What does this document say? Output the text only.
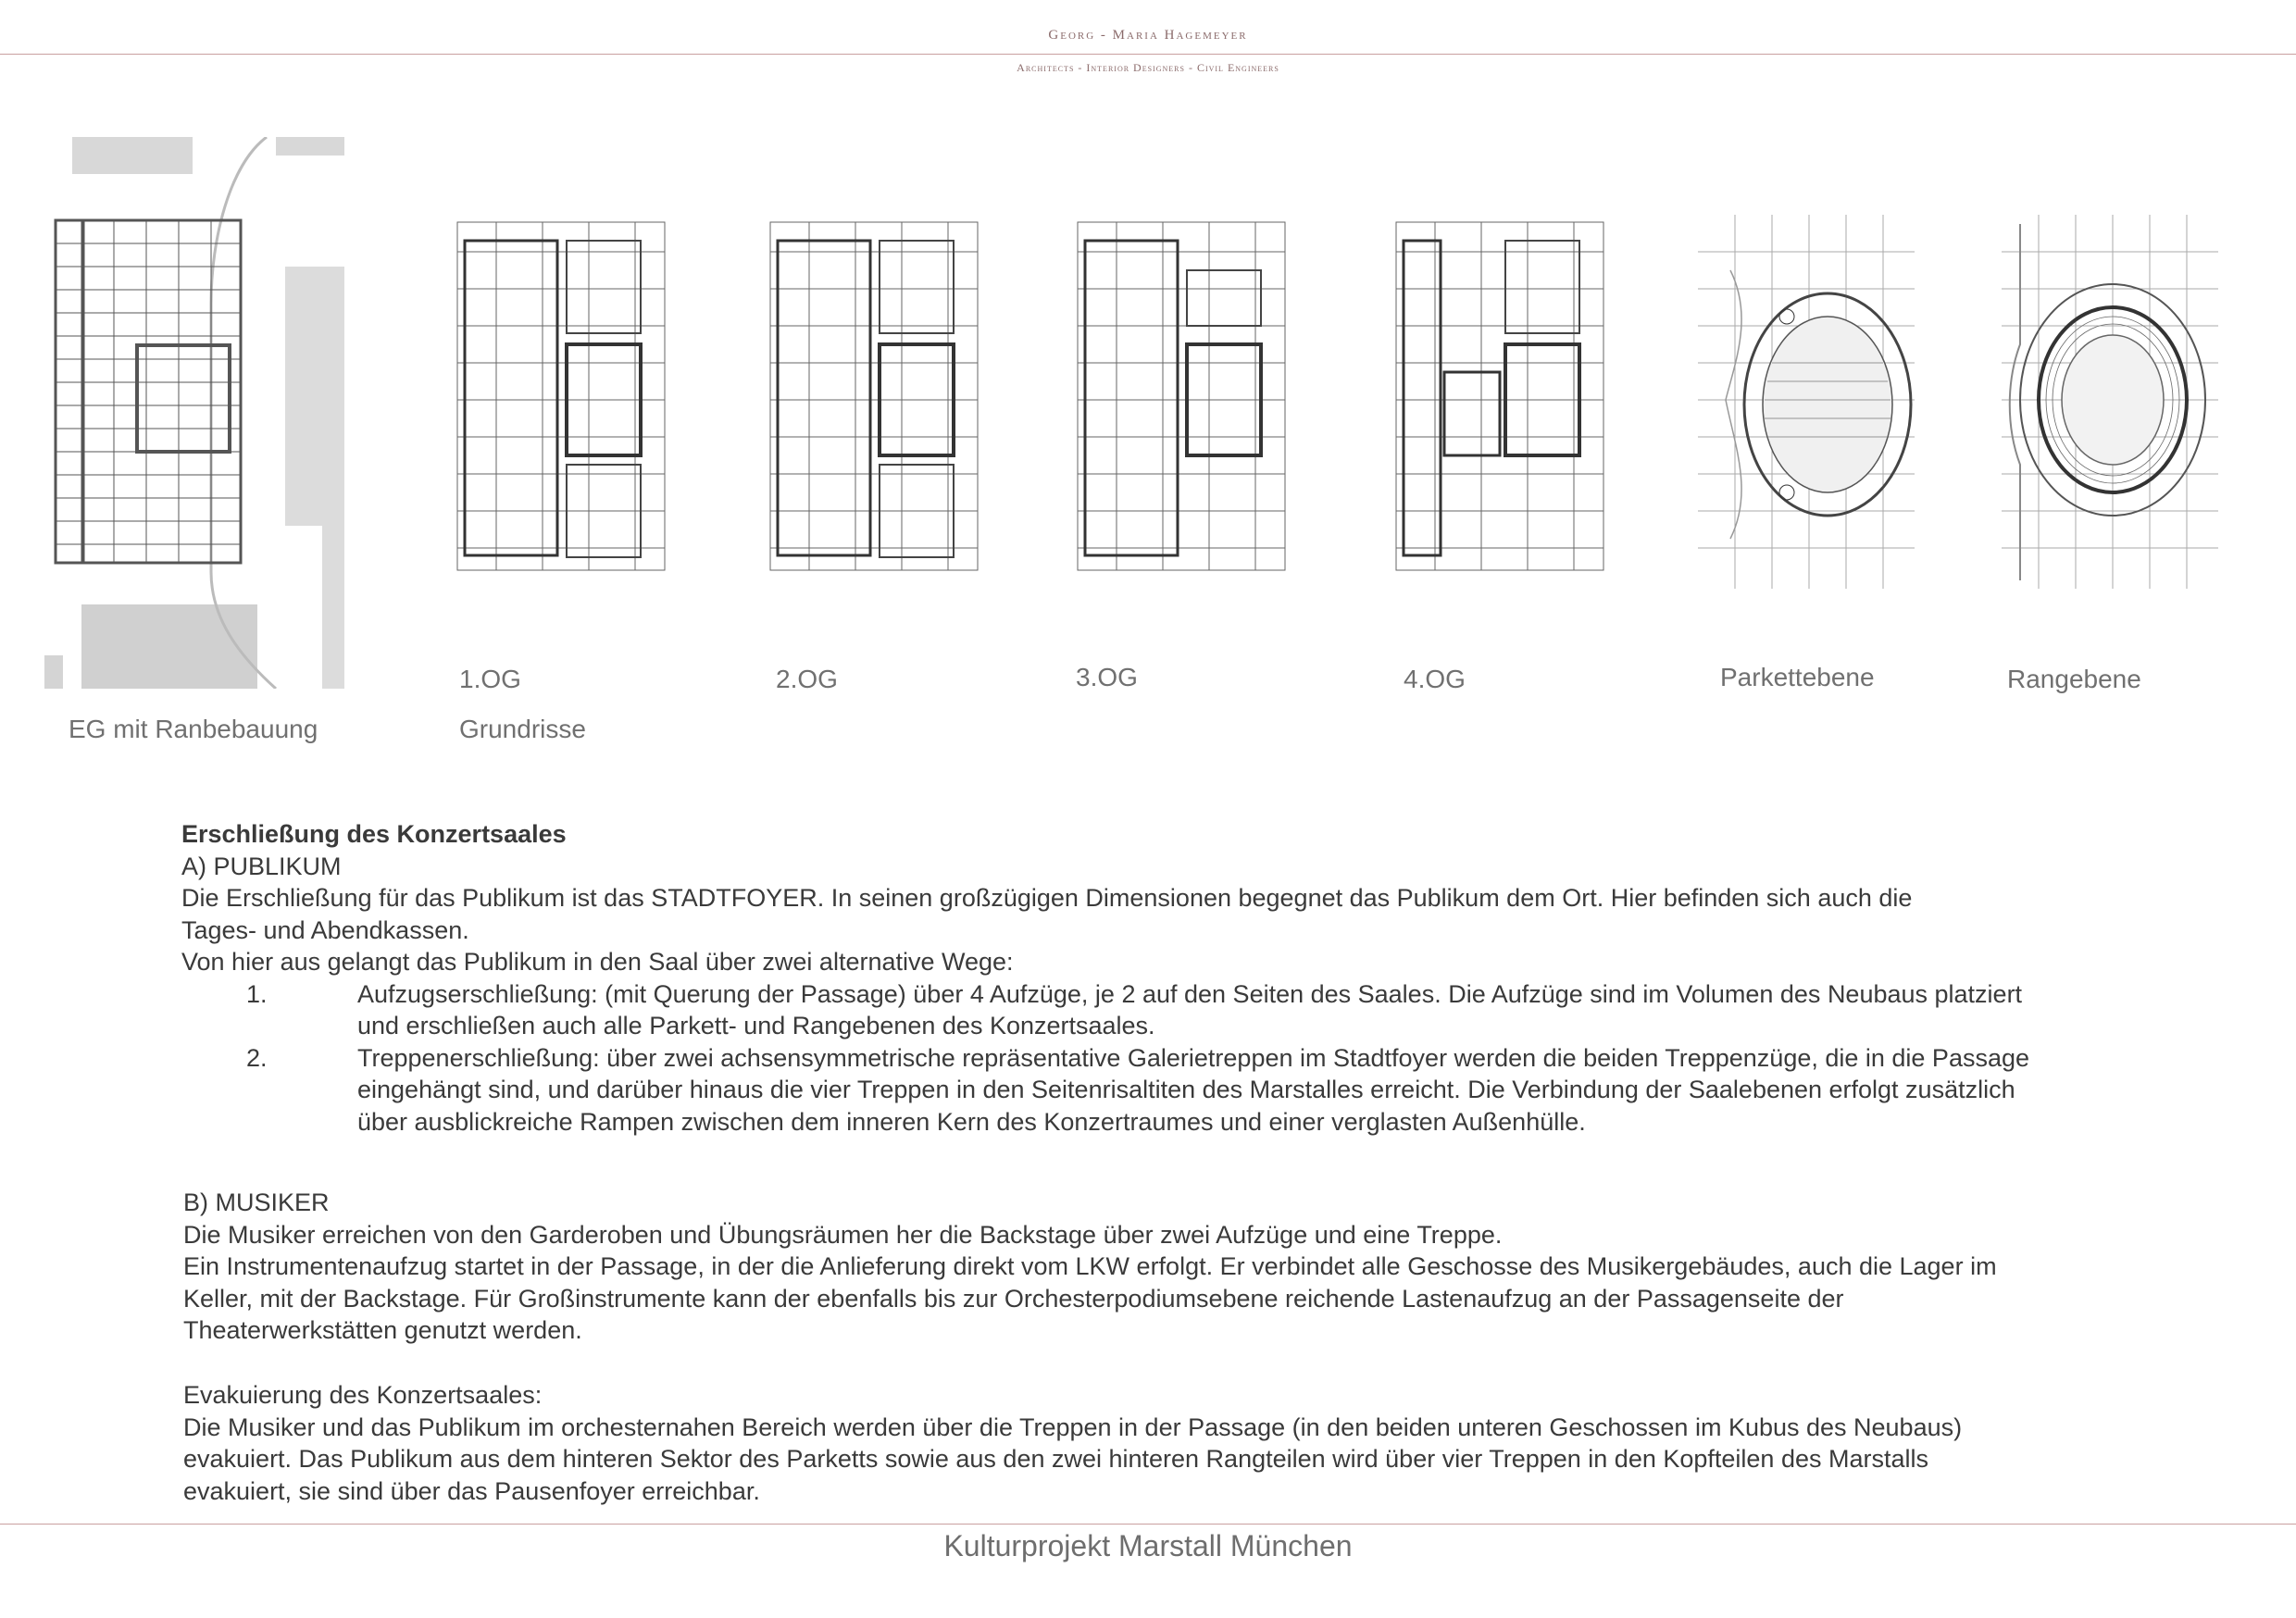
Georg - Maria Hagemeyer
Architects - Interior Designers - Civil Engineers
EG mit Ranbebauung
1.OG
Grundrisse
2.OG	3.OG	4.OG	Parkettebene	Rangebene

Erschließung des Konzertsaales

A) PUBLIKUM

Die Erschließung für das Publikum ist das STADTFOYER. In seinen großzügigen Dimensionen begegnet das Publikum dem Ort. Hier befinden sich auch die

Tages- und Abendkassen.

Von hier aus gelangt das Publikum in den Saal über zwei alternative Wege:

1.	Aufzugserschließung: (mit Querung der Passage) über 4 Aufzüge, je 2 auf den Seiten des Saales. Die Aufzüge sind im Volumen des Neubaus platziert

und erschließen auch alle Parkett- und Rangebenen des Konzertsaales.

2.	Treppenerschließung: über zwei achsensymmetrische repräsentative Galerietreppen im Stadtfoyer werden die beiden Treppenzüge, die in die Passage

eingehängt sind, und darüber hinaus die vier Treppen in den Seitenrisaltiten des Marstalles erreicht. Die Verbindung der Saalebenen erfolgt zusätzlich

über ausblickreiche Rampen zwischen dem inneren Kern des Konzertraumes und einer verglasten Außenhülle.

B) MUSIKER

Die Musiker erreichen von den Garderoben und Übungsräumen her die Backstage über zwei Aufzüge und eine Treppe.

Ein Instrumentenaufzug startet in der Passage, in der die Anlieferung direkt vom LKW erfolgt. Er verbindet alle Geschosse des Musikergebäudes, auch die Lager im

Keller, mit der Backstage. Für Großinstrumente kann der ebenfalls bis zur Orchesterpodiumsebene reichende Lastenaufzug an der Passagenseite der

Theaterwerkstätten genutzt werden.

Evakuierung des Konzertsaales:

Die Musiker und das Publikum im orchesternahen Bereich werden über die Treppen in der Passage (in den beiden unteren Geschossen im Kubus des Neubaus)

evakuiert. Das Publikum aus dem hinteren Sektor des Parketts sowie aus den zwei hinteren Rangteilen wird über vier Treppen in den Kopfteilen des Marstalls

evakuiert, sie sind über das Pausenfoyer erreichbar.

Kulturprojekt Marstall München
